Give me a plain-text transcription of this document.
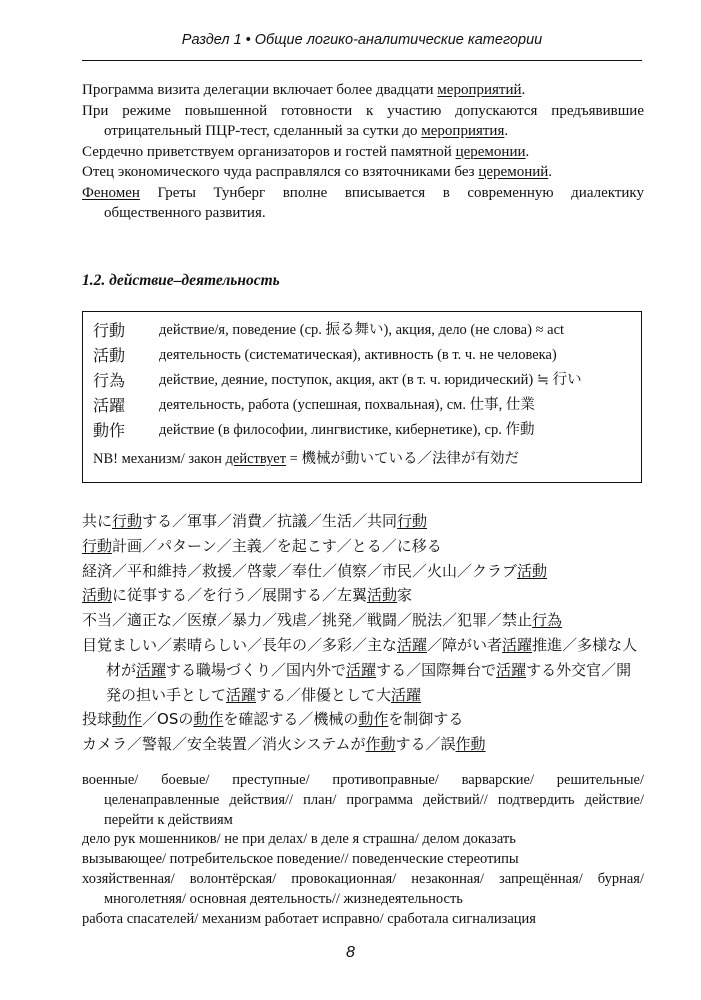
Раздел 1 • Общие логико-аналитические категории
Программа визита делегации включает более двадцати мероприятий.
При режиме повышенной готовности к участию допускаются предъявившие отрицательный ПЦР-тест, сделанный за сутки до мероприятия.
Сердечно приветствуем организаторов и гостей памятной церемонии.
Отец экономического чуда расправлялся со взяточниками без церемоний.
Феномен Греты Тунберг вполне вписывается в современную диалектику общественного развития.
1.2. действие–деятельность
行動	действие/я, поведение (ср. 振る舞い), акция, дело (не слова) ≈ act
活動	деятельность (систематическая), активность (в т. ч. не человека)
行為	действие, деяние, поступок, акция, акт (в т. ч. юридический) ≒ 行い
活躍	деятельность, работа (успешная, похвальная), см. 仕事, 仕業
動作	действие (в философии, лингвистике, кибернетике), ср. 作動
NB! механизм/ закон действует = 機械が動いている／法律が有効だ
共に行動する／軍事／消費／抗議／生活／共同行動
行動計画／パターン／主義／を起こす／とる／に移る
経済／平和維持／救援／啓蒙／奉仕／偵察／市民／火山／クラブ活動
活動に従事する／を行う／展開する／左翼活動家
不当／適正な／医療／暴力／残虐／挑発／戦闘／脱法／犯罪／禁止行為
目覚ましい／素晴らしい／長年の／多彩／主な活躍／障がい者活躍推進／多様な人材が活躍する職場づくり／国内外で活躍する／国際舞台で活躍する外交官／開発の担い手として活躍する／俳優として大活躍
投球動作／OSの動作を確認する／機械の動作を制御する
カメラ／警報／安全装置／消火システムが作動する／誤作動
военные/ боевые/ преступные/ противоправные/ варварские/ решительные/ целенаправленные действия// план/ программа действий// подтвердить действие/ перейти к действиям
дело рук мошенников/ не при делах/ в деле я страшна/ делом доказать
вызывающее/ потребительское поведение// поведенческие стереотипы
хозяйственная/ волонтёрская/ провокационная/ незаконная/ запрещённая/ бурная/ многолетняя/ основная деятельность// жизнедеятельность
работа спасателей/ механизм работает исправно/ сработала сигнализация
8
